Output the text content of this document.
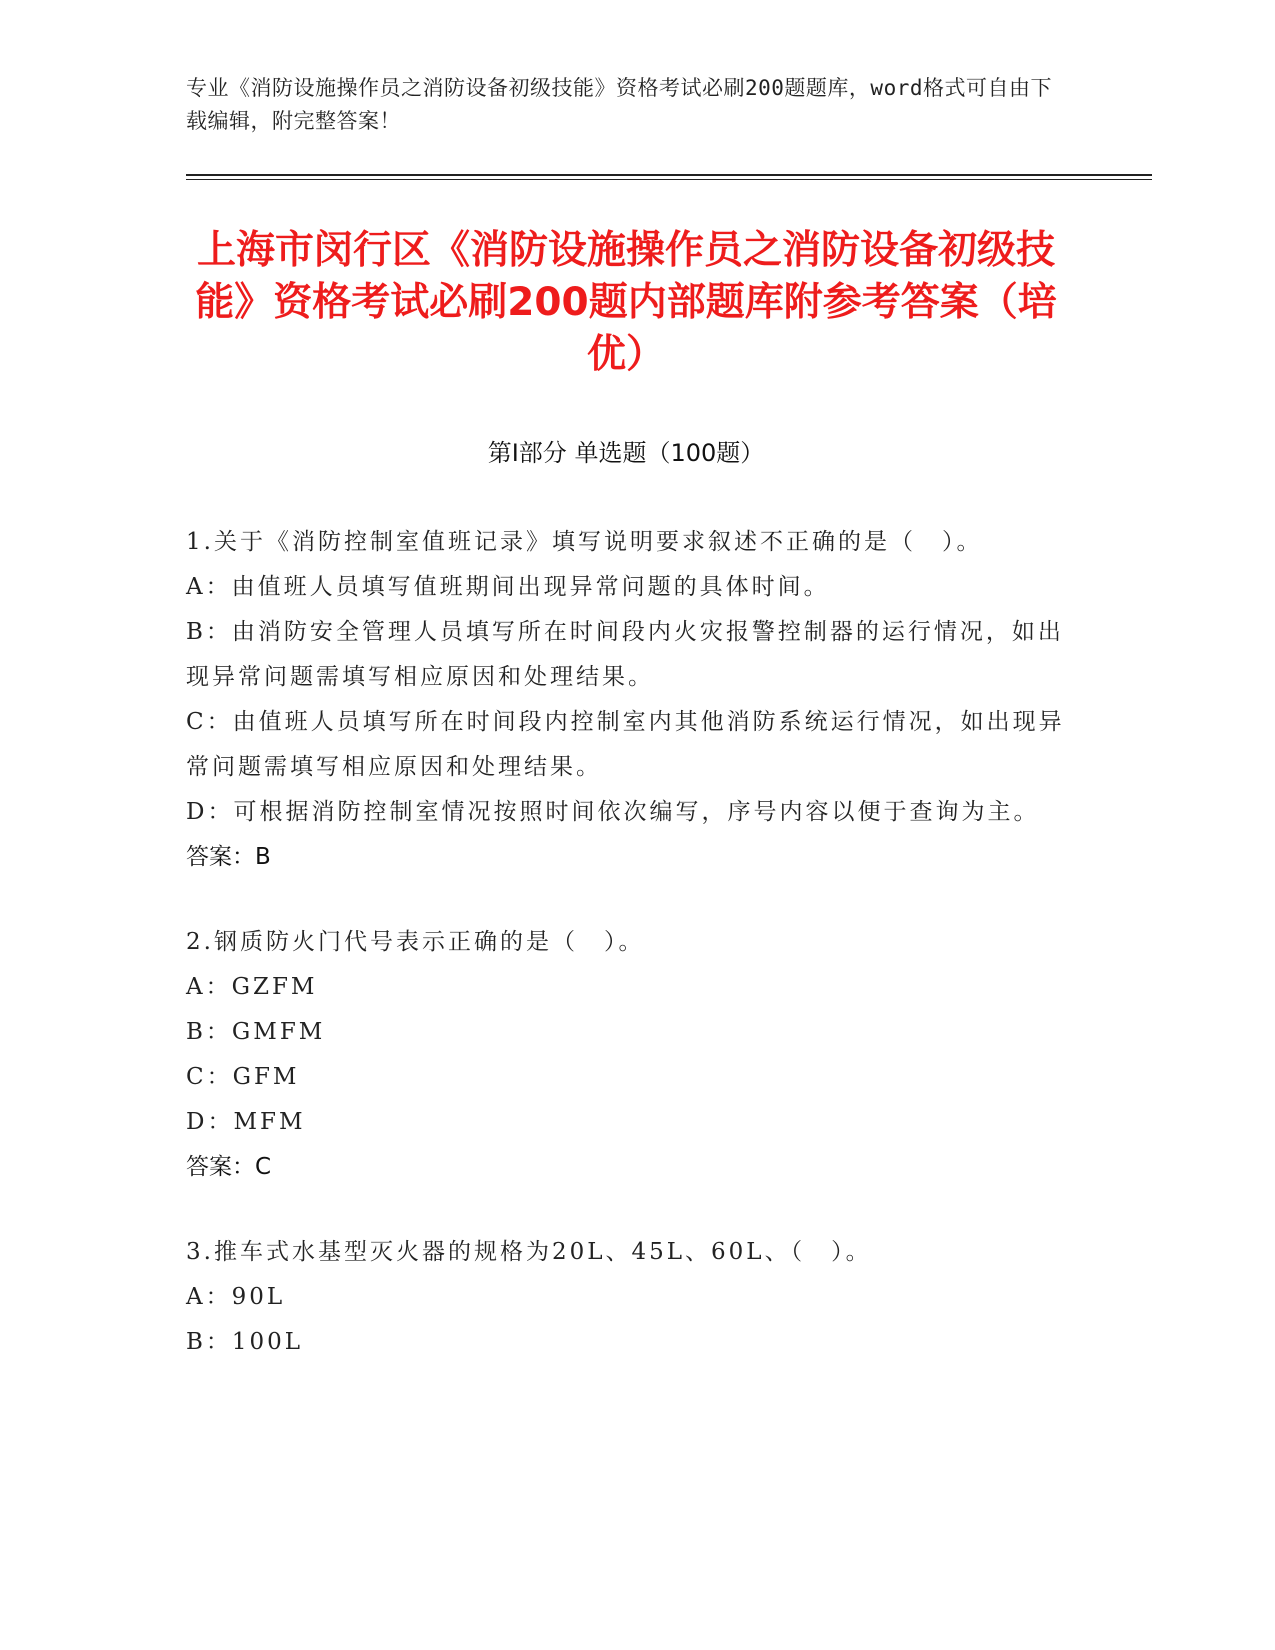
专业《消防设施操作员之消防设备初级技能》资格考试必刷200题题库，word格式可自由下载编辑，附完整答案！
上海市闵行区《消防设施操作员之消防设备初级技能》资格考试必刷200题内部题库附参考答案（培优）
第Ⅰ部分 单选题（100题）
1.关于《消防控制室值班记录》填写说明要求叙述不正确的是（　）。
A：由值班人员填写值班期间出现异常问题的具体时间。
B：由消防安全管理人员填写所在时间段内火灾报警控制器的运行情况，如出现异常问题需填写相应原因和处理结果。
C：由值班人员填写所在时间段内控制室内其他消防系统运行情况，如出现异常问题需填写相应原因和处理结果。
D：可根据消防控制室情况按照时间依次编写，序号内容以便于查询为主。
答案：B
2.钢质防火门代号表示正确的是（　）。
A：GZFM
B：GMFM
C：GFM
D：MFM
答案：C
3.推车式水基型灭火器的规格为20L、45L、60L、（　）。
A：90L
B：100L
